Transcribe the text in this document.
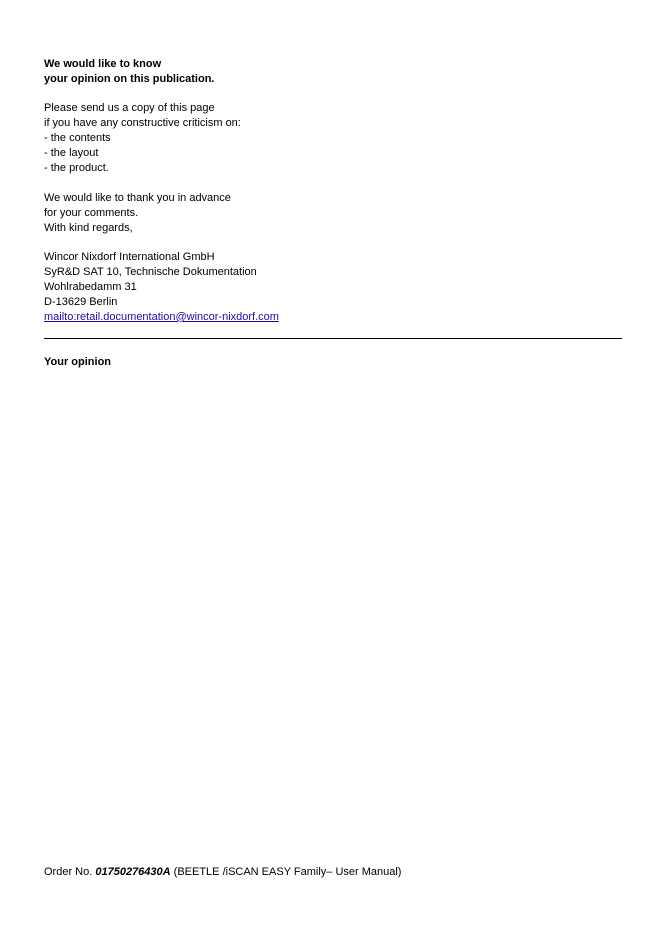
We would like to know
your opinion on this publication.
Please send us a copy of this page
if you have any constructive criticism on:
- the contents
- the layout
- the product.
We would like to thank you in advance
for your comments.
With kind regards,
Wincor Nixdorf International GmbH
SyR&D SAT 10, Technische Dokumentation
Wohlrabedamm 31
D-13629 Berlin
mailto:retail.documentation@wincor-nixdorf.com
Your opinion
Order No. 01750276430A (BEETLE /iSCAN EASY Family– User Manual)
